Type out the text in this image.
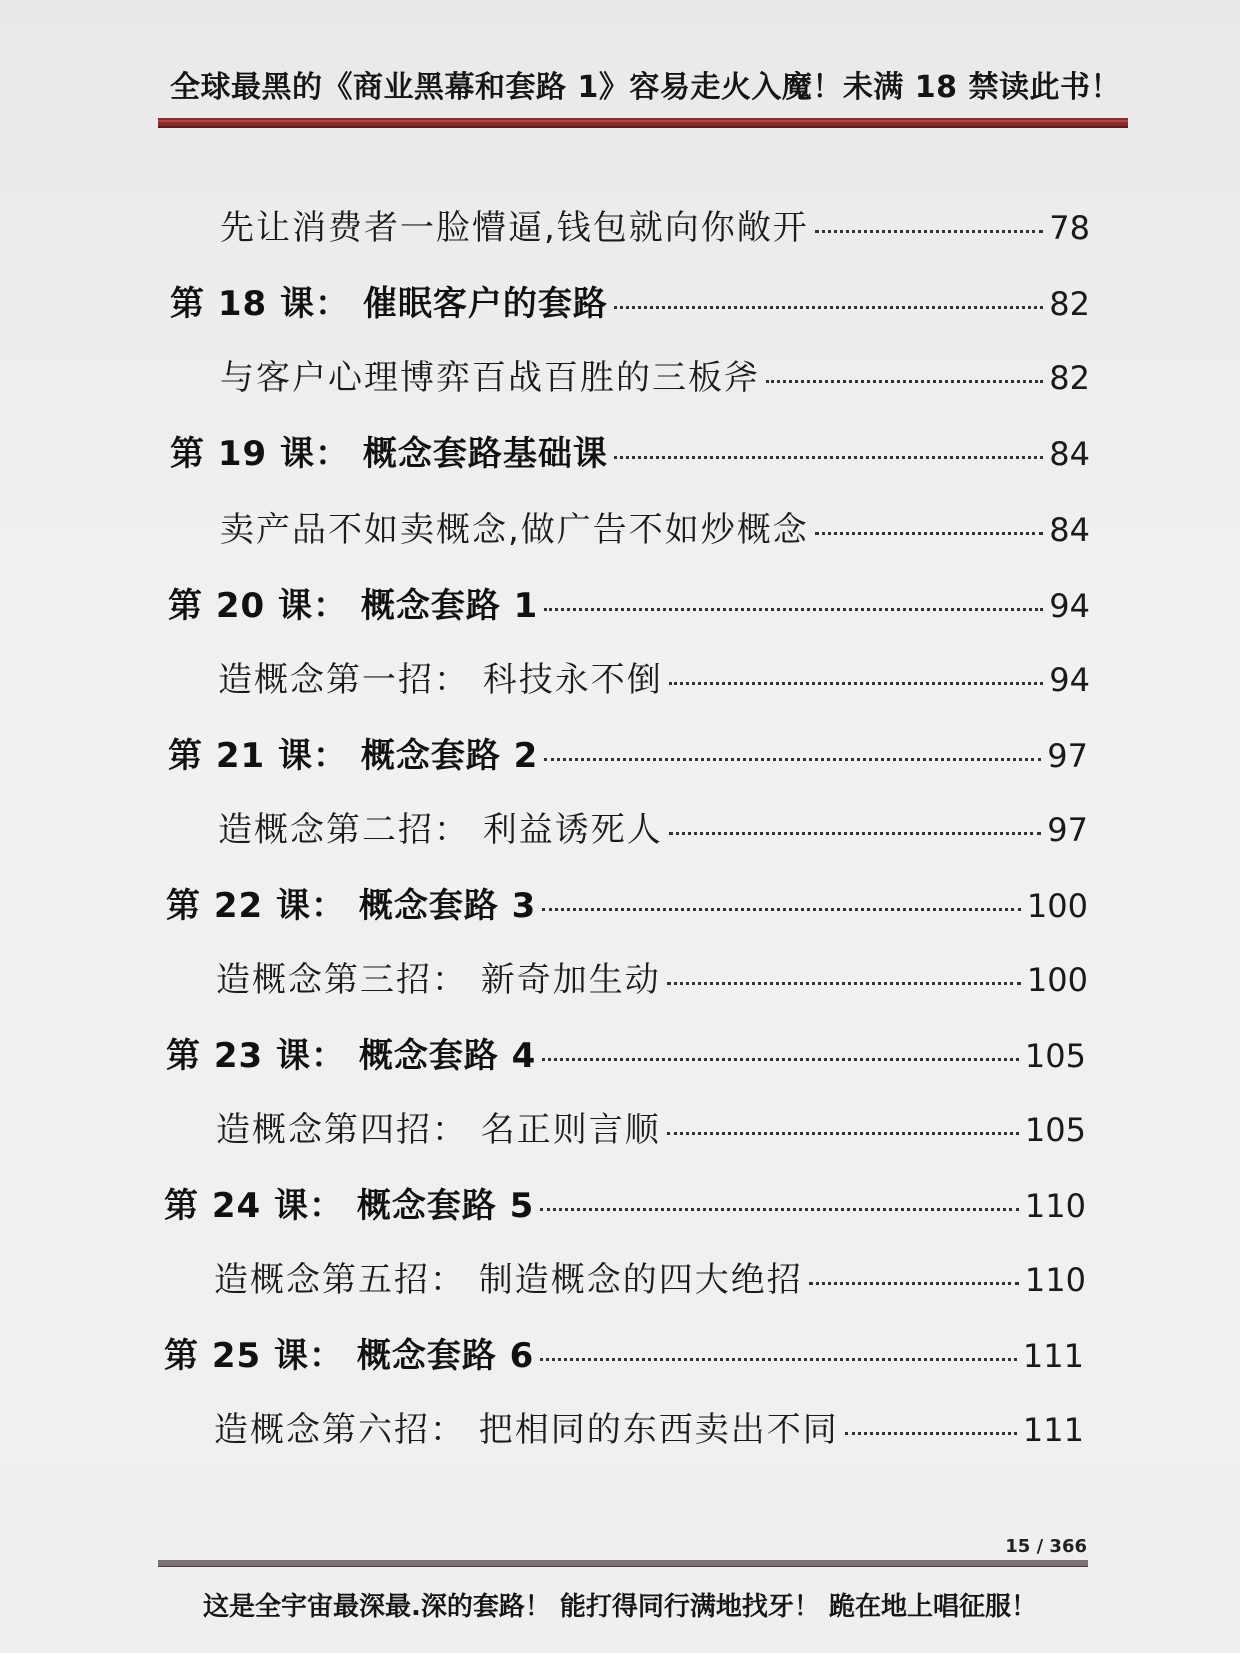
全球最黑的《商业黑幕和套路 1》容易走火入魔！未满 18 禁读此书！
先让消费者一脸懵逼,钱包就向你敞开	78
第 18 课： 催眠客户的套路	82
与客户心理博弈百战百胜的三板斧	82
第 19 课： 概念套路基础课	84
卖产品不如卖概念,做广告不如炒概念	84
第 20 课： 概念套路 1	94
造概念第一招： 科技永不倒	94
第 21 课： 概念套路 2	97
造概念第二招： 利益诱死人	97
第 22 课： 概念套路 3	100
造概念第三招： 新奇加生动	100
第 23 课： 概念套路 4	105
造概念第四招： 名正则言顺	105
第 24 课： 概念套路 5	110
造概念第五招： 制造概念的四大绝招	110
第 25 课： 概念套路 6	111
造概念第六招： 把相同的东西卖出不同	111
15 / 366
这是全宇宙最深最.深的套路！ 能打得同行满地找牙！ 跪在地上唱征服！
